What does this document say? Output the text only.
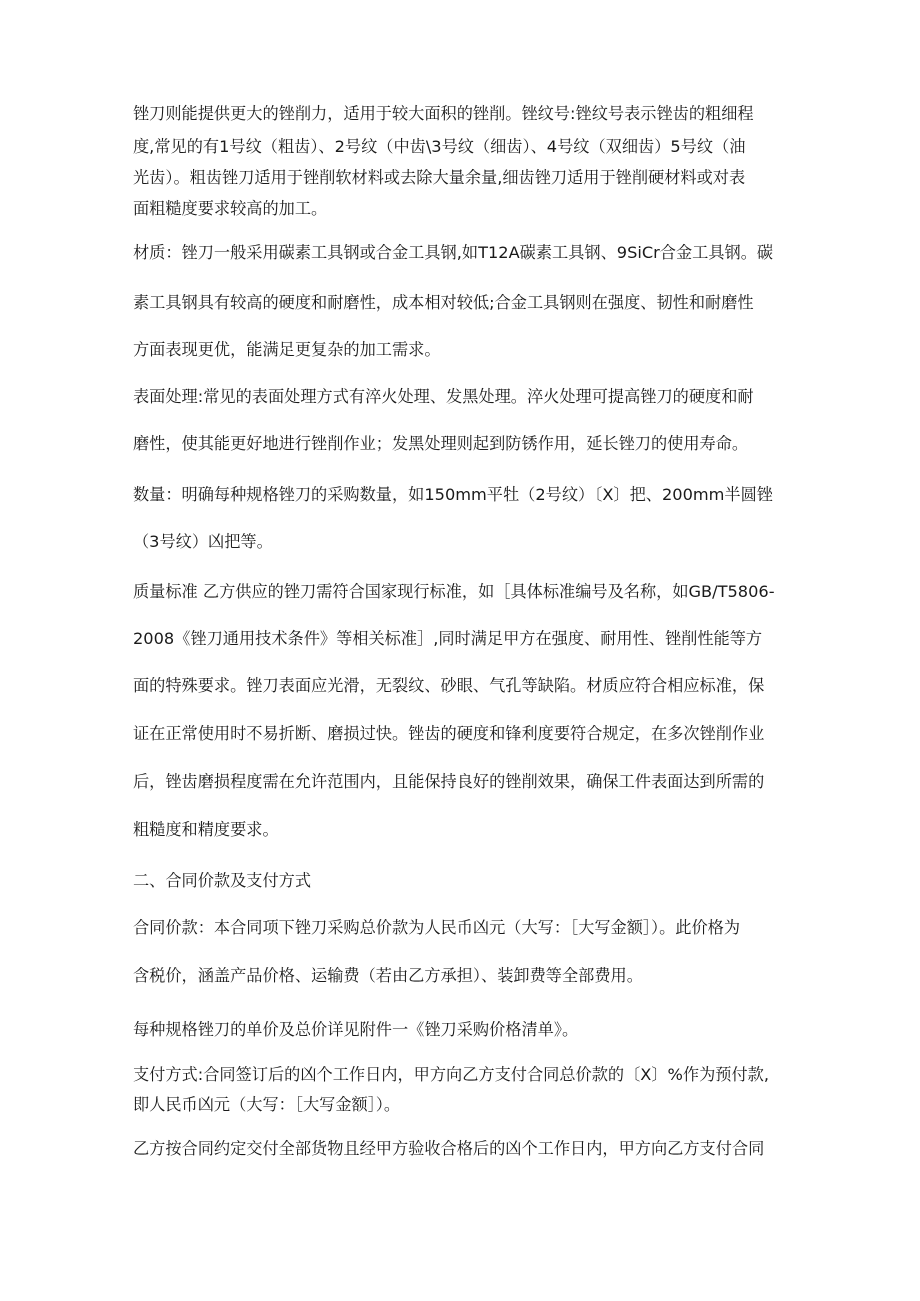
锉刀则能提供更大的锉削力，适用于较大面积的锉削。锉纹号:锉纹号表示锉齿的粗细程

度,常见的有1号纹（粗齿）、2号纹（中齿\3号纹（细齿）、4号纹（双细齿）5号纹（油

光齿）。粗齿锉刀适用于锉削软材料或去除大量余量,细齿锉刀适用于锉削硬材料或对表

面粗糙度要求较高的加工。

材质：锉刀一般采用碳素工具钢或合金工具钢,如T12A碳素工具钢、9SiCr合金工具钢。碳

素工具钢具有较高的硬度和耐磨性，成本相对较低;合金工具钢则在强度、韧性和耐磨性

方面表现更优，能满足更复杂的加工需求。

表面处理:常见的表面处理方式有淬火处理、发黑处理。淬火处理可提高锉刀的硬度和耐

磨性，使其能更好地进行锉削作业；发黑处理则起到防锈作用，延长锉刀的使用寿命。

数量：明确每种规格锉刀的采购数量，如150mm平牡（2号纹）〔X〕把、200mm半圆锉

（3号纹）凶把等。

质量标准 乙方供应的锉刀需符合国家现行标准，如［具体标准编号及名称，如GB/T5806-

2008《锉刀通用技术条件》等相关标准］,同时满足甲方在强度、耐用性、锉削性能等方

面的特殊要求。锉刀表面应光滑，无裂纹、砂眼、气孔等缺陷。材质应符合相应标准，保

证在正常使用时不易折断、磨损过快。锉齿的硬度和锋利度要符合规定，在多次锉削作业

后，锉齿磨损程度需在允许范围内，且能保持良好的锉削效果，确保工件表面达到所需的

粗糙度和精度要求。

二、合同价款及支付方式

合同价款：本合同项下锉刀采购总价款为人民币凶元（大写：［大写金额］）。此价格为

含税价，涵盖产品价格、运输费（若由乙方承担）、装卸费等全部费用。

每种规格锉刀的单价及总价详见附件一《锉刀采购价格清单》。

支付方式:合同签订后的凶个工作日内，甲方向乙方支付合同总价款的〔X〕%作为预付款,

即人民币凶元（大写：［大写金额］）。

乙方按合同约定交付全部货物且经甲方验收合格后的凶个工作日内，甲方向乙方支付合同
